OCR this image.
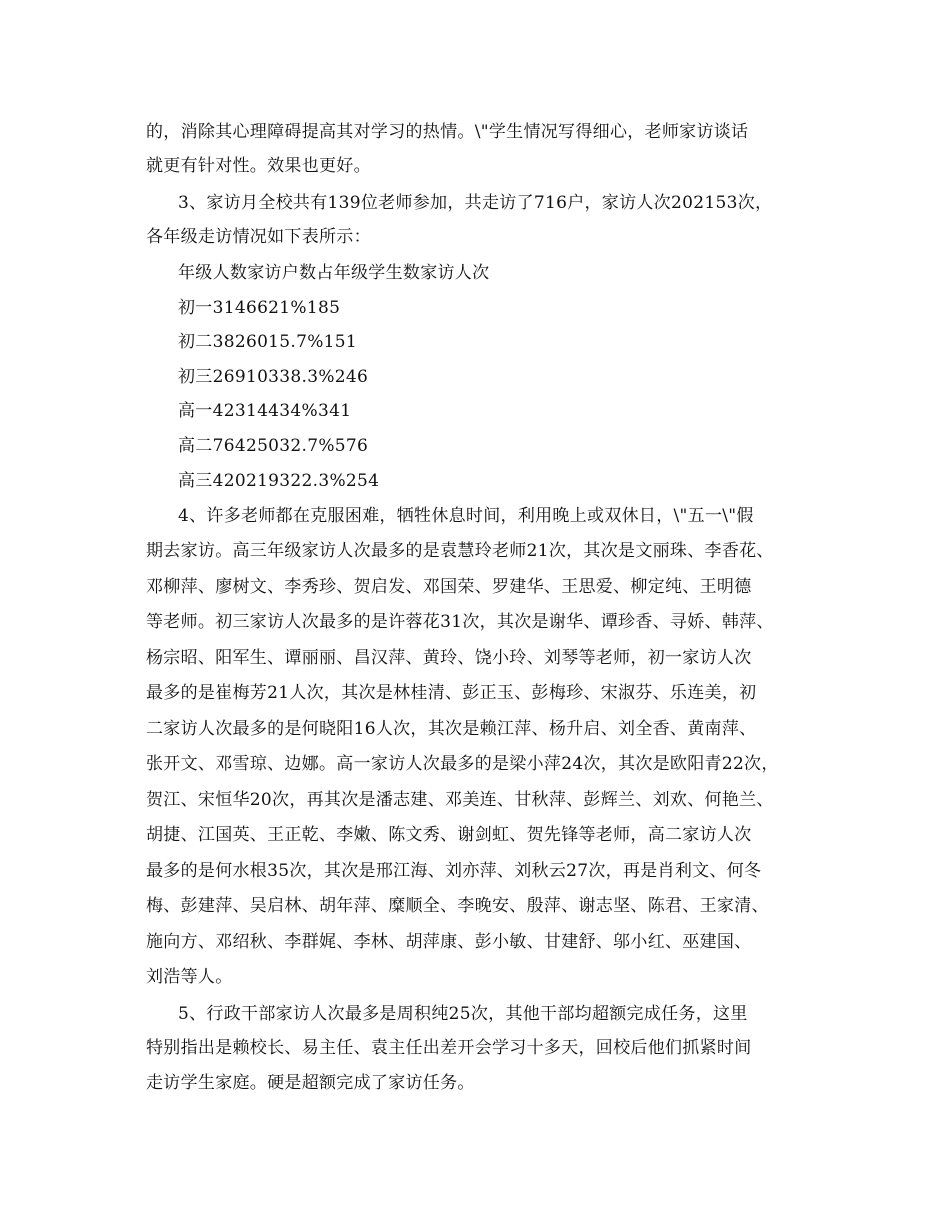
的，消除其心理障碍提高其对学习的热情。\"学生情况写得细心，老师家访谈话
就更有针对性。效果也更好。
3、家访月全校共有139位老师参加，共走访了716户，家访人次202153次，
各年级走访情况如下表所示：
年级人数家访户数占年级学生数家访人次
初一3146621%185
初二3826015.7%151
初三26910338.3%246
高一42314434%341
高二76425032.7%576
高三420219322.3%254
4、许多老师都在克服困难，牺牲休息时间，利用晚上或双休日，\"五一\"假
期去家访。高三年级家访人次最多的是袁慧玲老师21次，其次是文丽珠、李香花、
邓柳萍、廖树文、李秀珍、贺启发、邓国荣、罗建华、王思爱、柳定纯、王明德
等老师。初三家访人次最多的是许蓉花31次，其次是谢华、谭珍香、寻娇、韩萍、
杨宗昭、阳军生、谭丽丽、昌汉萍、黄玲、饶小玲、刘琴等老师，初一家访人次
最多的是崔梅芳21人次，其次是林桂清、彭正玉、彭梅珍、宋淑芬、乐连美，初
二家访人次最多的是何晓阳16人次，其次是赖江萍、杨升启、刘全香、黄南萍、
张开文、邓雪琼、边娜。高一家访人次最多的是梁小萍24次，其次是欧阳青22次，
贺江、宋恒华20次，再其次是潘志建、邓美连、甘秋萍、彭辉兰、刘欢、何艳兰、
胡捷、江国英、王正乾、李嫩、陈文秀、谢剑虹、贺先锋等老师，高二家访人次
最多的是何水根35次，其次是邢江海、刘亦萍、刘秋云27次，再是肖利文、何冬
梅、彭建萍、吴启林、胡年萍、糜顺全、李晚安、殷萍、谢志坚、陈君、王家清、
施向方、邓绍秋、李群娓、李林、胡萍康、彭小敏、甘建舒、邬小红、巫建国、
刘浩等人。
5、行政干部家访人次最多是周积纯25次，其他干部均超额完成任务，这里
特别指出是赖校长、易主任、袁主任出差开会学习十多天，回校后他们抓紧时间
走访学生家庭。硬是超额完成了家访任务。
